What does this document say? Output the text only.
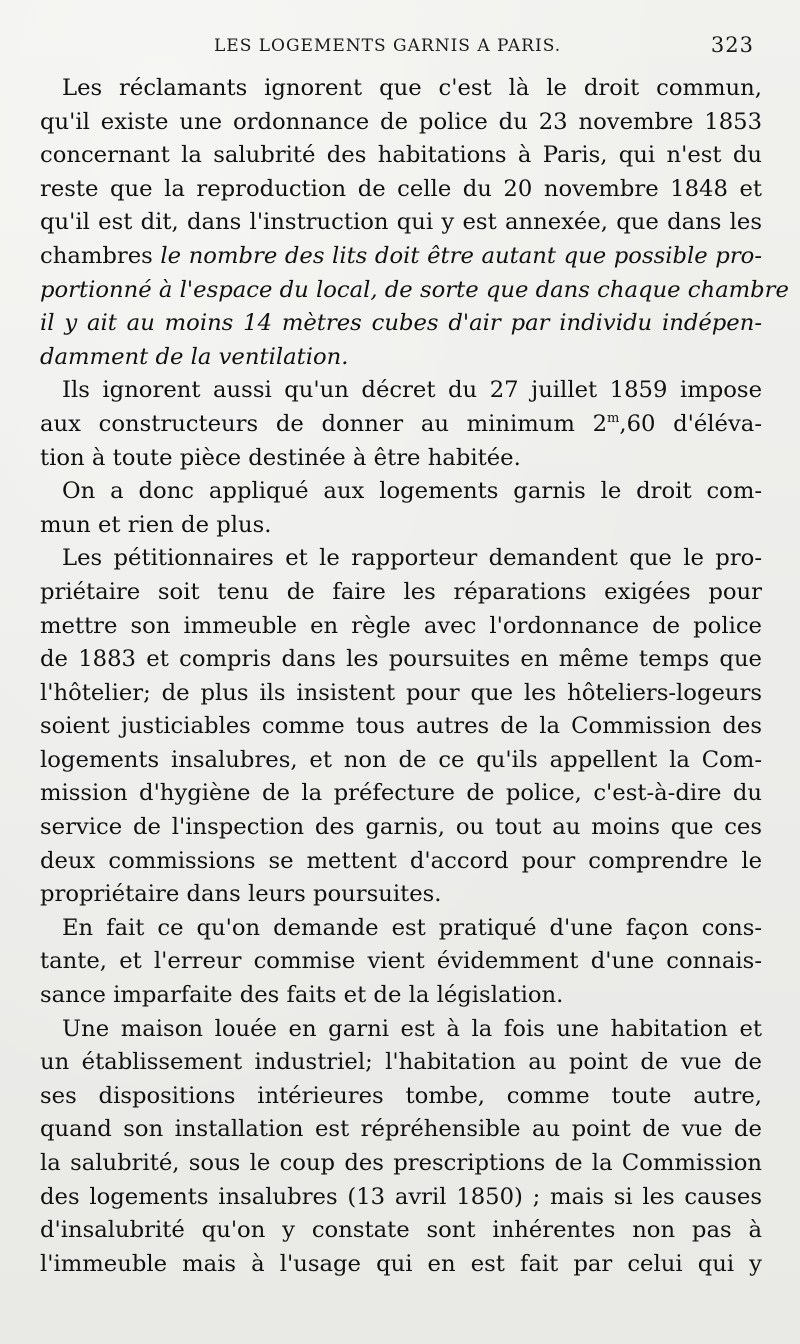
LES LOGEMENTS GARNIS A PARIS.	323
Les réclamants ignorent que c'est là le droit commun,
qu'il existe une ordonnance de police du 23 novembre 1853
concernant la salubrité des habitations à Paris, qui n'est du
reste que la reproduction de celle du 20 novembre 1848 et
qu'il est dit, dans l'instruction qui y est annexée, que dans les
chambres le nombre des lits doit être autant que possible pro-
portionné à l'espace du local, de sorte que dans chaque chambre
il y ait au moins 14 mètres cubes d'air par individu indépen-
damment de la ventilation.
Ils ignorent aussi qu'un décret du 27 juillet 1859 impose
aux constructeurs de donner au minimum 2$^m$,60 d'éléva-
tion à toute pièce destinée à être habitée.
On a donc appliqué aux logements garnis le droit com-
mun et rien de plus.
Les pétitionnaires et le rapporteur demandent que le pro-
priétaire soit tenu de faire les réparations exigées pour
mettre son immeuble en règle avec l'ordonnance de police
de 1883 et compris dans les poursuites en même temps que
l'hôtelier; de plus ils insistent pour que les hôteliers-logeurs
soient justiciables comme tous autres de la Commission des
logements insalubres, et non de ce qu'ils appellent la Com-
mission d'hygiène de la préfecture de police, c'est-à-dire du
service de l'inspection des garnis, ou tout au moins que ces
deux commissions se mettent d'accord pour comprendre le
propriétaire dans leurs poursuites.
En fait ce qu'on demande est pratiqué d'une façon cons-
tante, et l'erreur commise vient évidemment d'une connais-
sance imparfaite des faits et de la législation.
Une maison louée en garni est à la fois une habitation et
un établissement industriel; l'habitation au point de vue de
ses dispositions intérieures tombe, comme toute autre,
quand son installation est répréhensible au point de vue de
la salubrité, sous le coup des prescriptions de la Commission
des logements insalubres (13 avril 1850) ; mais si les causes
d'insalubrité qu'on y constate sont inhérentes non pas à
l'immeuble mais à l'usage qui en est fait par celui qui y
